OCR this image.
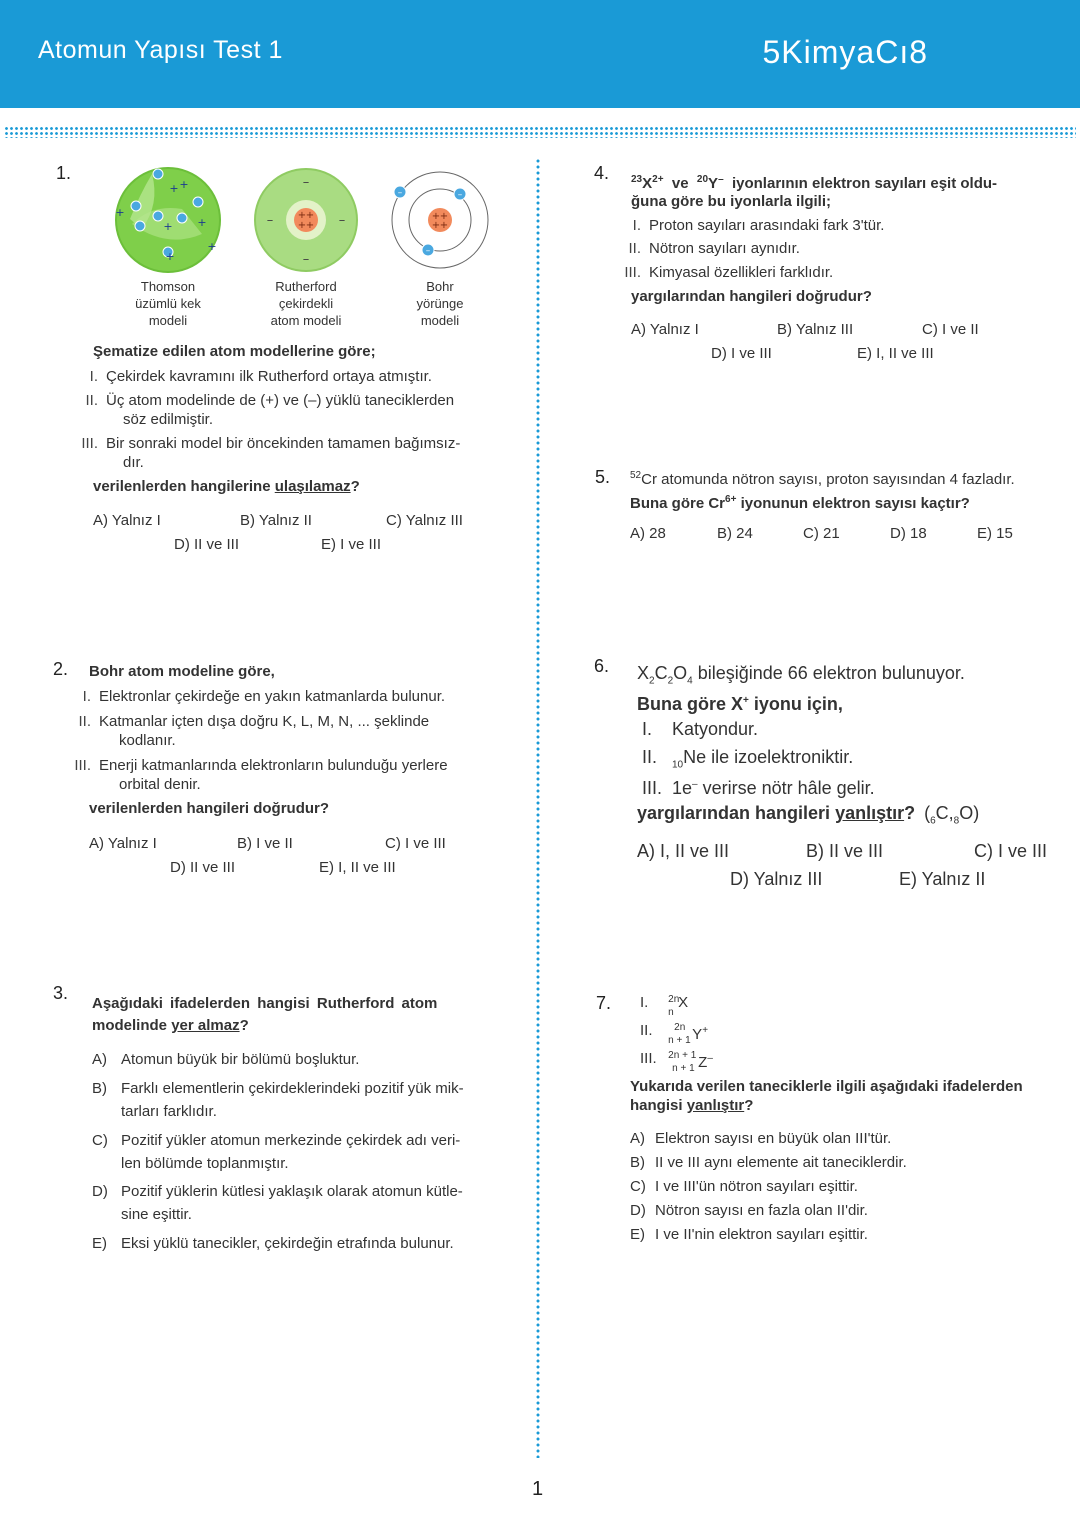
Atomun Yapısı Test 1	5KimyaCı8
1.
+
+
+
+
+
+
+
Thomson
üzümlü kek
modeli
+ +
+ +
–
–	–
–
Rutherford
çekirdekli
atom modeli
+ +
+ +
–	–
–
Bohr
yörünge
modeli
Şematize edilen atom modellerine göre;
I. Çekirdek kavramını ilk Rutherford ortaya atmıştır.
II. Üç atom modelinde de (+) ve (–) yüklü taneciklerden
söz edilmiştir.
III. Bir sonraki model bir öncekinden tamamen bağımsız-
dır.
verilenlerden hangilerine ulaşılamaz?
A) Yalnız I	B) Yalnız II	C) Yalnız III
D) II ve III	E) I ve III
2. Bohr atom modeline göre,
I. Elektronlar çekirdeğe en yakın katmanlarda bulunur.
II. Katmanlar içten dışa doğru K, L, M, N, ... şeklinde
kodlanır.
III. Enerji katmanlarında elektronların bulunduğu yerlere
orbital denir.
verilenlerden hangileri doğrudur?
A) Yalnız I	B) I ve II	C) I ve III
D) II ve III	E) I, II ve III
3.
Aşağıdaki ifadelerden hangisi Rutherford atom
modelinde yer almaz?
A) Atomun büyük bir bölümü boşluktur.
B) Farklı elementlerin çekirdeklerindeki pozitif yük mik-
tarları farklıdır.
C) Pozitif yükler atomun merkezinde çekirdek adı veri-
len bölümde toplanmıştır.
D) Pozitif yüklerin kütlesi yaklaşık olarak atomun kütle-
sine eşittir.
E) Eksi yüklü tanecikler, çekirdeğin etrafında bulunur.
4. $^{23}X^{2+}$ ve $^{20}$Y– iyonlarının elektron sayıları eşit oldu-
ğuna göre bu iyonlarla ilgili;
I. Proton sayıları arasındaki fark 3'tür.
II. Nötron sayıları aynıdır.
III. Kimyasal özellikleri farklıdır.
yargılarından hangileri doğrudur?
A) Yalnız I	B) Yalnız III	C) I ve II
D) I ve III	E) I, II ve III
5. $^{52}$Cr atomunda nötron sayısı, proton sayısından 4 fazladır.
Buna göre $Cr^{6+}$ iyonunun elektron sayısı kaçtır?
A) 28	B) 24	C) 21	D) 18	E) 15
6. $X_2C_2O_4$ bileşiğinde 66 elektron bulunuyor.
Buna göre X+ iyonu için,
I. Katyondur.
II. $_{10}$Ne ile izoelektroniktir.
III. 1e– verirse nötr hâle gelir.
yargılarından hangileri yanlıştır? $(_6C,_8O)$
A) I, II ve III	B) II ve III	C) I ve III
D) Yalnız III	E) Yalnız II
7. I. 2n
n
X
II. 2n
n + 1 Y+
III. 2n + 1
n + 1 Z–
Yukarıda verilen taneciklerle ilgili aşağıdaki ifadelerden
hangisi yanlıştır?
A) Elektron sayısı en büyük olan III'tür.
B) II ve III aynı elemente ait taneciklerdir.
C) I ve III'ün nötron sayıları eşittir.
D) Nötron sayısı en fazla olan II'dir.
E) I ve II'nin elektron sayıları eşittir.
1
